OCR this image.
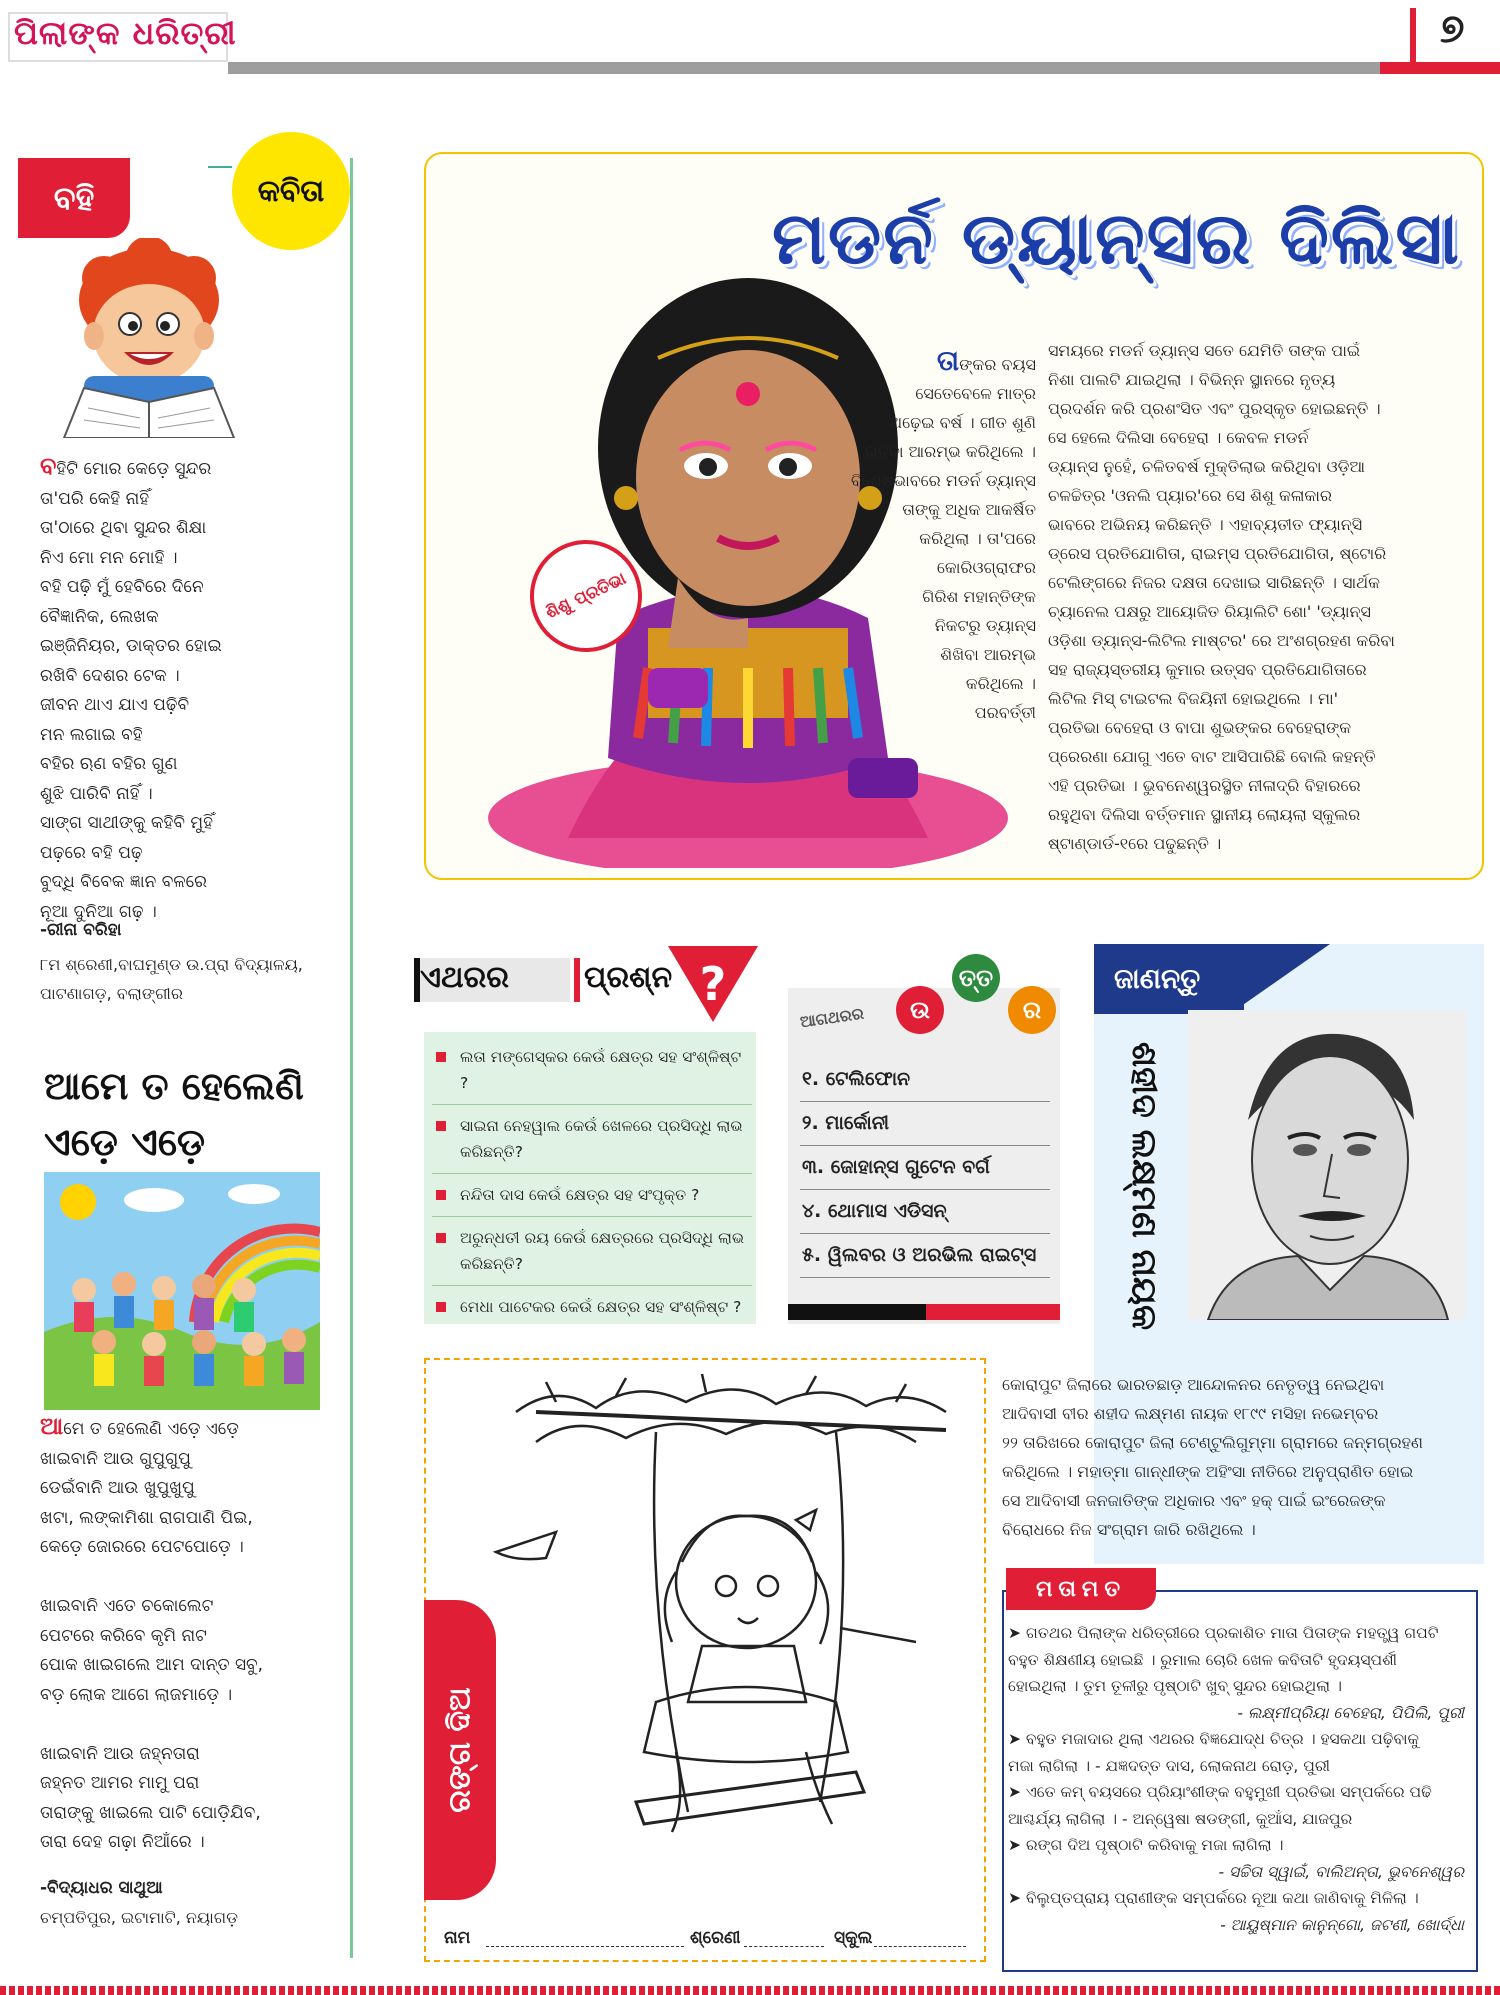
ପିଲାଙ୍କ ଧରିତ୍ରୀ	୭
ବହି	କବିତା
ବହିଟି ମୋର କେଡ଼େ ସୁନ୍ଦର
ତା'ପରି କେହି ନାହିଁ
ତା'ଠାରେ ଥିବା ସୁନ୍ଦର ଶିକ୍ଷା
ନିଏ ମୋ ମନ ମୋହି ।
ବହି ପଢ଼ି ମୁଁ ହେବିରେ ଦିନେ
ବୈଜ୍ଞାନିକ, ଲେଖକ
ଇଞ୍ଜିନିୟର, ଡାକ୍ତର ହୋଇ
ରଖିବି ଦେଶର ଟେକ ।
ଜୀବନ ଥାଏ ଯାଏ ପଢ଼ିବି
ମନ ଲଗାଇ ବହି
ବହିର ଋଣ ବହିର ଗୁଣ
ଶୁଝି ପାରିବି ନାହିଁ ।
ସାଙ୍ଗ ସାଥୀଙ୍କୁ କହିବି ମୁହିଁ
ପଢ଼ରେ ବହି ପଢ଼
ବୁଦ୍ଧି ବିବେକ ଜ୍ଞାନ ବଳରେ
ନୂଆ ଦୁନିଆ ଗଢ଼ ।
-ରୀନା ବରିହା
୮ମ ଶ୍ରେଣୀ,ବାଘମୁଣ୍ଡ ଉ.ପ୍ରା ବିଦ୍ୟାଳୟ,
ପାଟଣାଗଡ଼, ବଲାଙ୍ଗୀର
ଆମେ ତ ହେଲେଣି
ଏଡ଼େ ଏଡ଼େ
ଆମେ ତ ହେଲେଣି ଏଡ଼େ ଏଡ଼େ
ଖାଇବାନି ଆଉ ଗୁପୁଗୁପୁ
ଡେଇଁବାନି ଆଉ ଖୁପୁଖୁପୁ
ଖଟା, ଲଙ୍କାମିଶା ରାଗପାଣି ପିଇ,
କେଡ଼େ ଜୋରରେ ପେଟପୋଡ଼େ ।

ଖାଇବାନି ଏତେ ଚକୋଲେଟ
ପେଟରେ କରିବେ କୃମି ନାଟ
ପୋକ ଖାଇଗଲେ ଆମ ଦାନ୍ତ ସବୁ,
ବଡ଼ ଲୋକ ଆଗେ ଲାଜମାଡ଼େ ।

ଖାଇବାନି ଆଉ ଜହ୍ନତାରା
ଜହ୍ନତ ଆମର ମାମୁ ପରା
ତାରାଙ୍କୁ ଖାଇଲେ ପାଟି ପୋଡ଼ିଯିବ,
ତାରା ଦେହ ଗଢ଼ା ନିଆଁରେ ।
-ବିଦ୍ୟାଧର ସାଥୁଆ
ଚମ୍ପତିପୁର, ଇଟାମାଟି, ନୟାଗଡ଼
ମଡର୍ନ ଡ୍ୟାନ୍ସର ଦିଲିସା
ଶିଶୁ ପ୍ରତିଭା
ତାଙ୍କର ବୟସ
ସେତେବେଳେ ମାତ୍ର
ଅଢ଼େଇ ବର୍ଷ । ଗୀତ ଶୁଣି
ନାଚିବା ଆରମ୍ଭ କରିଥିଲେ ।
ବିଶେଷଭାବରେ ମଡର୍ନ ଡ୍ୟାନ୍ସ
ତାଙ୍କୁ ଅଧିକ ଆକର୍ଷିତ
କରିଥିଲା । ତା'ପରେ
କୋରିଓଗ୍ରାଫର
ଗିରିଶ ମହାନ୍ତିଙ୍କ
ନିକଟରୁ ଡ୍ୟାନ୍ସ
ଶିଖିବା ଆରମ୍ଭ
କରିଥିଲେ ।
ପରବର୍ତ୍ତୀ
ସମୟରେ ମଡର୍ନ ଡ୍ୟାନ୍ସ ସତେ ଯେମିତି ତାଙ୍କ ପାଇଁ
ନିଶା ପାଲଟି ଯାଇଥିଲା । ବିଭିନ୍ନ ସ୍ଥାନରେ ନୃତ୍ୟ
ପ୍ରଦର୍ଶନ କରି ପ୍ରଶଂସିତ ଏବଂ ପୁରସ୍କୃତ ହୋଇଛନ୍ତି ।
ସେ ହେଲେ ଦିଲିସା ବେହେରା । କେବଳ ମଡର୍ନ
ଡ୍ୟାନ୍ସ ନୁହେଁ, ଚଳିତବର୍ଷ ମୁକ୍ତିଲାଭ କରିଥିବା ଓଡ଼ିଆ
ଚଳଚ୍ଚିତ୍ର 'ଓନଲି ପ୍ୟାର'ରେ ସେ ଶିଶୁ କଳାକାର
ଭାବରେ ଅଭିନୟ କରିଛନ୍ତି । ଏହାବ୍ୟତୀତ ଫ୍ୟାନ୍ସି
ଡ୍ରେସ ପ୍ରତିଯୋଗିତା, ରାଇମ୍ସ ପ୍ରତିଯୋଗିତା, ଷ୍ଟୋରି
ଟେଲିଙ୍ଗରେ ନିଜର ଦକ୍ଷତା ଦେଖାଇ ସାରିଛନ୍ତି । ସାର୍ଥକ
ଚ୍ୟାନେଲ ପକ୍ଷରୁ ଆୟୋଜିତ ରିୟାଲିଟି ଶୋ' 'ଡ୍ୟାନ୍ସ
ଓଡ଼ିଶା ଡ୍ୟାନ୍ସ-ଲିଟିଲ ମାଷ୍ଟର' ରେ ଅଂଶଗ୍ରହଣ କରିବା
ସହ ରାଜ୍ୟସ୍ତରୀୟ କୁମାର ଉତ୍ସବ ପ୍ରତିଯୋଗିତାରେ
ଲିଟିଲ ମିସ୍ ଟାଇଟଲ ବିଜୟିନୀ ହୋଇଥିଲେ । ମା'
ପ୍ରତିଭା ବେହେରା ଓ ବାପା ଶୁଭଙ୍କର ବେହେରାଙ୍କ
ପ୍ରେରଣା ଯୋଗୁ ଏତେ ବାଟ ଆସିପାରିଛି ବୋଲି କହନ୍ତି
ଏହି ପ୍ରତିଭା । ଭୁବନେଶ୍ୱରସ୍ଥିତ ନୀଳାଦ୍ରି ବିହାରରେ
ରହୁଥିବା ଦିଲିସା ବର୍ତ୍ତମାନ ସ୍ଥାନୀୟ ଲୋୟଲା ସ୍କୁଲର
ଷ୍ଟାଣ୍ଡାର୍ଡ-୧ରେ ପଢୁଛନ୍ତି ।
ଏଥରର ପ୍ରଶ୍ନ ?
ଲତା ମଙ୍ଗେସ୍କର କେଉଁ କ୍ଷେତ୍ର ସହ ସଂଶ୍ଳିଷ୍ଟ ?
ସାଇନା ନେହୱାଲ କେଉଁ ଖେଳରେ ପ୍ରସିଦ୍ଧି ଲାଭ କରିଛନ୍ତି?
ନନ୍ଦିତା ଦାସ କେଉଁ କ୍ଷେତ୍ର ସହ ସଂପୃକ୍ତ ?
ଅରୁନ୍ଧତୀ ରୟ କେଉଁ କ୍ଷେତ୍ରରେ ପ୍ରସିଦ୍ଧି ଲାଭ କରିଛନ୍ତି?
ମେଧା ପାଟେକର କେଉଁ କ୍ଷେତ୍ର ସହ ସଂଶ୍ଳିଷ୍ଟ ?
ଆଗଥରର	ଉ
ତ୍ତ
ର
୧. ଟେଲିଫୋନ
୨. ମାର୍କୋନୀ
୩. ଜୋହାନ୍ସ ଗୁଟେନ ବର୍ଗ
୪. ଥୋମାସ ଏଡିସନ୍
୫. ୱିଲବର ଓ ଅରଭିଲ ରାଇଟ୍ସ
ଜାଣନ୍ତୁ
ଶହୀଦ ଲକ୍ଷ୍ମଣ ନାୟକ
କୋରାପୁଟ ଜିଲାରେ ଭାରତଛାଡ଼ ଆନ୍ଦୋଳନର ନେତୃତ୍ୱ ନେଇଥିବା
ଆଦିବାସୀ ବୀର ଶହୀଦ ଲକ୍ଷ୍ମଣ ନାୟକ ୧୮୯୯ ମସିହା ନଭେମ୍ବର
୨୨ ତାରିଖରେ କୋରାପୁଟ ଜିଲା ଟେଣ୍ଟୁଲିଗୁମ୍ମା ଗ୍ରାମରେ ଜନ୍ମଗ୍ରହଣ
କରିଥିଲେ । ମହାତ୍ମା ଗାନ୍ଧୀଙ୍କ ଅହିଂସା ନୀତିରେ ଅନୁପ୍ରାଣିତ ହୋଇ
ସେ ଆଦିବାସୀ ଜନଜାତିଙ୍କ ଅଧିକାର ଏବଂ ହକ୍ ପାଇଁ ଇଂରେଜଙ୍କ
ବିରୋଧରେ ନିଜ ସଂଗ୍ରାମ ଜାରି ରଖିଥିଲେ ।
ମତାମତ
➤ ଗତଥର ପିଲାଙ୍କ ଧରିତ୍ରୀରେ ପ୍ରକାଶିତ ମାତା ପିତାଙ୍କ ମହତ୍ତ୍ୱ ଗପଟି
ବହୁତ ଶିକ୍ଷଣୀୟ ହୋଇଛି । ରୁମାଲ ଚୋରି ଖେଳ କବିତାଟି ହୃଦୟସ୍ପର୍ଶୀ
ହୋଇଥିଲା । ତୁମ ତୂଳୀରୁ ପୃଷ୍ଠାଟି ଖୁବ୍ ସୁନ୍ଦର ହୋଇଥିଲା ।
- ଲକ୍ଷ୍ମୀପ୍ରିୟା ବେହେରା, ପିପିଲି, ପୁରୀ
➤ ବହୁତ ମଜାଦାର ଥିଲା ଏଥରର ବିଜ୍ଞଯୋଦ୍ଧ ଚିତ୍ର । ହସକଥା ପଢ଼ିବାକୁ
ମଜା ଲାଗିଲା । - ଯଜ୍ଞଦତ୍ତ ଦାସ, ଲୋକନାଥ ରୋଡ଼, ପୁରୀ
➤ ଏତେ କମ୍ ବୟସରେ ପ୍ରିୟାଂଶୀଙ୍କ ବହୁମୁଖୀ ପ୍ରତିଭା ସମ୍ପର୍କରେ ପଢି
ଆଶ୍ଚର୍ଯ୍ୟ ଲାଗିଲା । - ଅନ୍ୱେଷା ଷଡଙ୍ଗୀ, କୁଆଁସ, ଯାଜପୁର
➤ ରଙ୍ଗ ଦିଅ ପୃଷ୍ଠାଟି କରିବାକୁ ମଜା ଲାଗିଲା ।
- ସଚ୍ଚିତା ସ୍ୱାଇଁ, ବାଲିଅନ୍ତା, ଭୁବନେଶ୍ୱର
➤ ବିଲୁପ୍ତପ୍ରାୟ ପ୍ରାଣୀଙ୍କ ସମ୍ପର୍କରେ ନୂଆ କଥା ଜାଣିବାକୁ ମିଳିଲା ।
- ଆୟୁଷ୍ମାନ କାନୁନ୍‌ଗୋ, ଜଟଣୀ, ଖୋର୍ଦ୍ଧା
ରଙ୍ଗ ଦିଅ
ନାମ	ଶ୍ରେଣୀ	ସ୍କୁଲ
